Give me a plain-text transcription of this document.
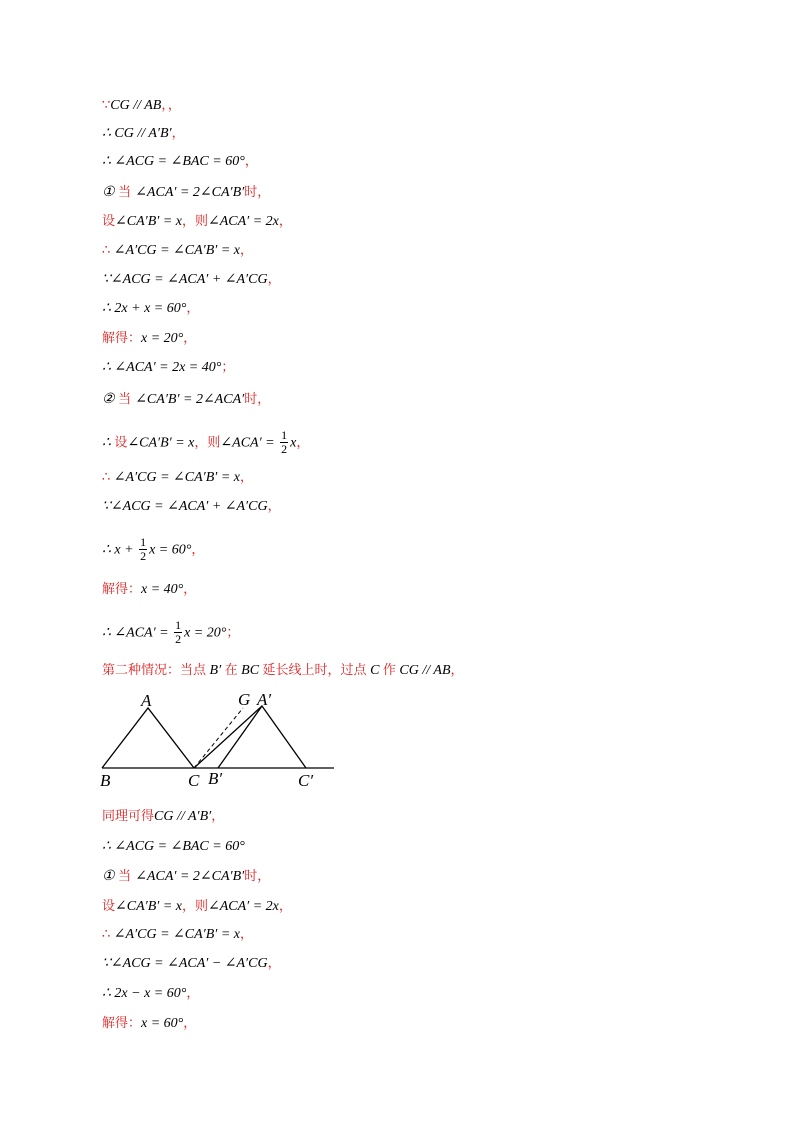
∵CG // AB，，
∴ CG // A′B′，
∴ ∠ACG = ∠BAC = 60°，
① 当 ∠ACA′ = 2∠CA′B′时，
设∠CA′B′ = x，则∠ACA′ = 2x，
∴ ∠A′CG = ∠CA′B′ = x，
∵∠ACG = ∠ACA′ + ∠A′CG，
∴ 2x + x = 60°，
解得：x = 20°，
∴ ∠ACA′ = 2x = 40°；
② 当 ∠CA′B′ = 2∠ACA′时，
∴ 设∠CA′B′ = x，则∠ACA′ = $\frac{1}{2}$ x，
∴ ∠A′CG = ∠CA′B′ = x，
∵∠ACG = ∠ACA′ + ∠A′CG，
∴ $x + \frac{1}{2}$ x = 60°，
解得：x = 40°，
∴ ∠ACA′ = $\frac{1}{2}$ x = 20°；
第二种情况：当点 B′ 在 BC 延长线上时，过点 C 作 CG // AB，
同理可得CG // A′B′，
∴ ∠ACG = ∠BAC = 60°
① 当 ∠ACA′ = 2∠CA′B′时，
设∠CA′B′ = x，则∠ACA′ = 2x，
∴ ∠A′CG = ∠CA′B′ = x，
∵∠ACG = ∠ACA′ − ∠A′CG，
∴ 2x − x = 60°，
解得：x = 60°，
A	G A′
B	C B′	C′
